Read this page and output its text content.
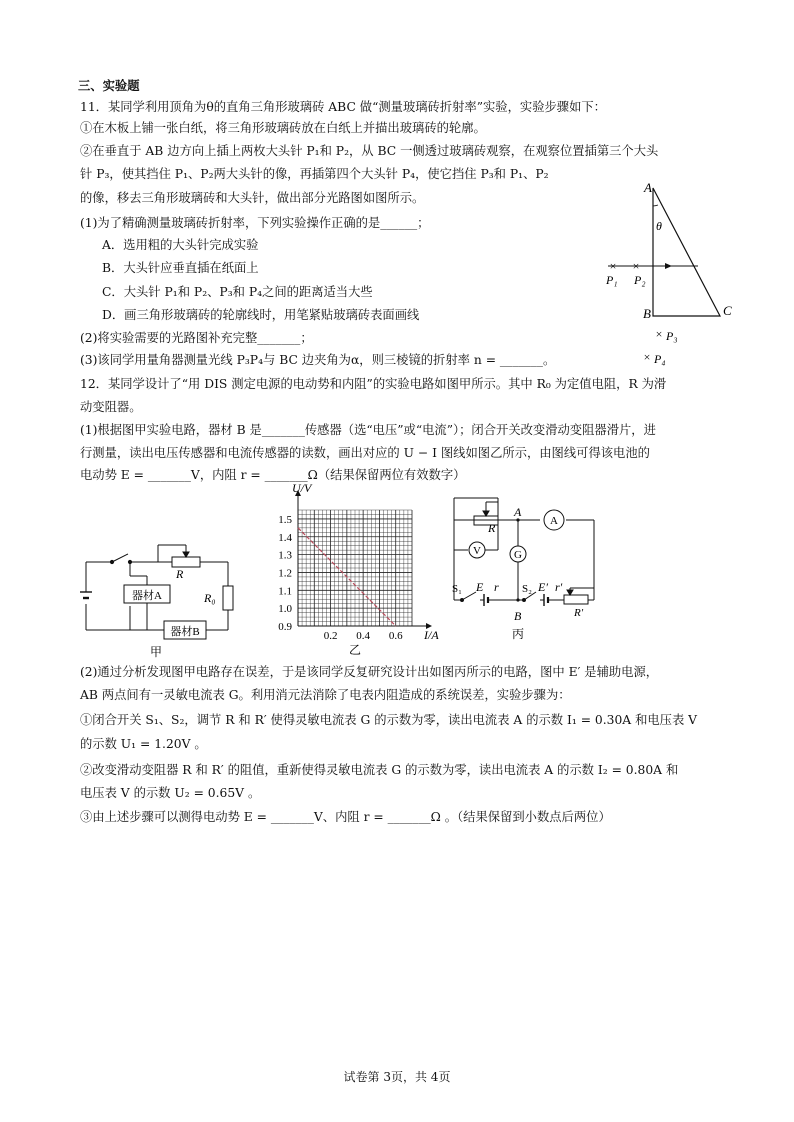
三、实验题
11．某同学利用顶角为θ的直角三角形玻璃砖 ABC 做“测量玻璃砖折射率”实验，实验步骤如下：
①在木板上铺一张白纸，将三角形玻璃砖放在白纸上并描出玻璃砖的轮廓。
②在垂直于 AB 边方向上插上两枚大头针 P₁和 P₂，从 BC 一侧透过玻璃砖观察，在观察位置插第三个大头
针 P₃，使其挡住 P₁、P₂两大头针的像，再插第四个大头针 P₄，使它挡住 P₃和 P₁、P₂
的像，移去三角形玻璃砖和大头针，做出部分光路图如图所示。
(1)为了精确测量玻璃砖折射率，下列实验操作正确的是______；
A．选用粗的大头针完成实验
B．大头针应垂直插在纸面上
C．大头针 P₁和 P₂、P₃和 P₄之间的距离适当大些
D．画三角形玻璃砖的轮廓线时，用笔紧贴玻璃砖表面画线
(2)将实验需要的光路图补充完整_______；
(3)该同学用量角器测量光线 P₃P₄与 BC 边夹角为α，则三棱镜的折射率 n = _______。
12．某同学设计了“用 DIS 测定电源的电动势和内阻”的实验电路如图甲所示。其中 R₀ 为定值电阻，R 为滑
动变阻器。
(1)根据图甲实验电路，器材 B 是_______传感器（选“电压”或“电流”）；闭合开关改变滑动变阻器滑片，进
行测量，读出电压传感器和电流传感器的读数，画出对应的 U − I 图线如图乙所示，由图线可得该电池的
电动势 E = _______V，内阻 r = _______Ω（结果保留两位有效数字）
(2)通过分析发现图甲电路存在误差，于是该同学反复研究设计出如图丙所示的电路，图中 E′ 是辅助电源，
AB 两点间有一灵敏电流表 G。利用消元法消除了电表内阻造成的系统误差，实验步骤为：
①闭合开关 S₁、S₂，调节 R 和 R′ 使得灵敏电流表 G 的示数为零，读出电流表 A 的示数 I₁ = 0.30A 和电压表 V
的示数 U₁ = 1.20V 。
②改变滑动变阻器 R 和 R′ 的阻值，重新使得灵敏电流表 G 的示数为零，读出电流表 A 的示数 I₂ = 0.80A 和
电压表 V 的示数 U₂ = 0.65V 。
③由上述步骤可以测得电动势 E = _______V、内阻 r = _______Ω 。（结果保留到小数点后两位）
× ×
×
×
A
B	C
θ
P₁ P₂
P₃
P₄
R
R₀
器材A
器材B
甲
0.2 0.4 0.6
0.9
1.0
1.1
1.2
1.3
1.4
1.5
U/V
I/A
乙
A
V	G
R
A
B
S₁ E r S₂ E′ r′
R′
丙
试卷第 3页，共 4页
